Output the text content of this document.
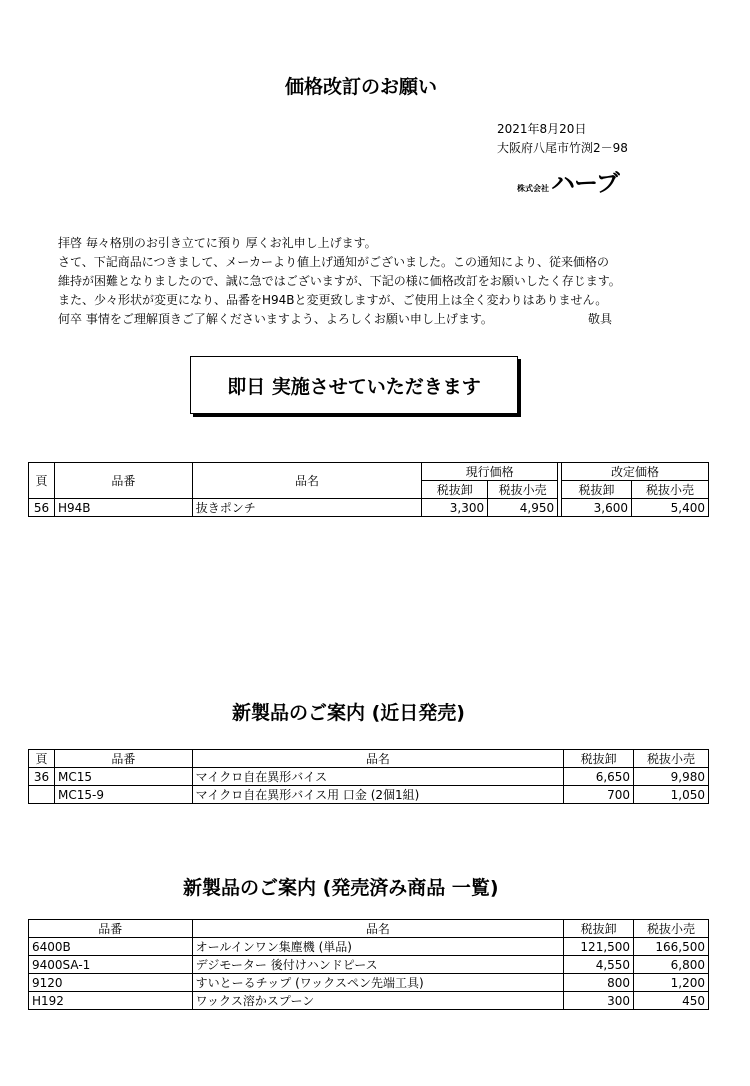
価格改訂のお願い
2021年8月20日
大阪府八尾市竹渕2－98
株式会社 ハーブ
拝啓 毎々格別のお引き立てに預り 厚くお礼申し上げます。
さて、下記商品につきまして、メーカーより値上げ通知がございました。この通知により、従来価格の
維持が困難となりましたので、誠に急ではございますが、下記の様に価格改訂をお願いしたく存じます。
また、少々形状が変更になり、品番をH94Bと変更致しますが、ご使用上は全く変わりはありません。
何卒 事情をご理解頂きご了解くださいますよう、よろしくお願い申し上げます。	敬具
即日 実施させていただきます
頁	品番	品名	現行価格			改定価格	
			税抜卸	税抜小売		税抜卸	税抜小売
56	H94B	抜きポンチ	3,300	4,950		3,600	5,400
新製品のご案内 (近日発売)
頁	品番	品名	税抜卸	税抜小売
36	MC15	マイクロ自在異形バイス	6,650	9,980
	MC15-9	マイクロ自在異形バイス用 口金 (2個1組)	700	1,050
新製品のご案内 (発売済み商品 一覧)
品番	品名	税抜卸	税抜小売
6400B	オールインワン集塵機 (単品)	121,500	166,500
9400SA-1	デジモーター 後付けハンドピース	4,550	6,800
9120	すいとーるチップ (ワックスペン先端工具)	800	1,200
H192	ワックス溶かスプーン	300	450
